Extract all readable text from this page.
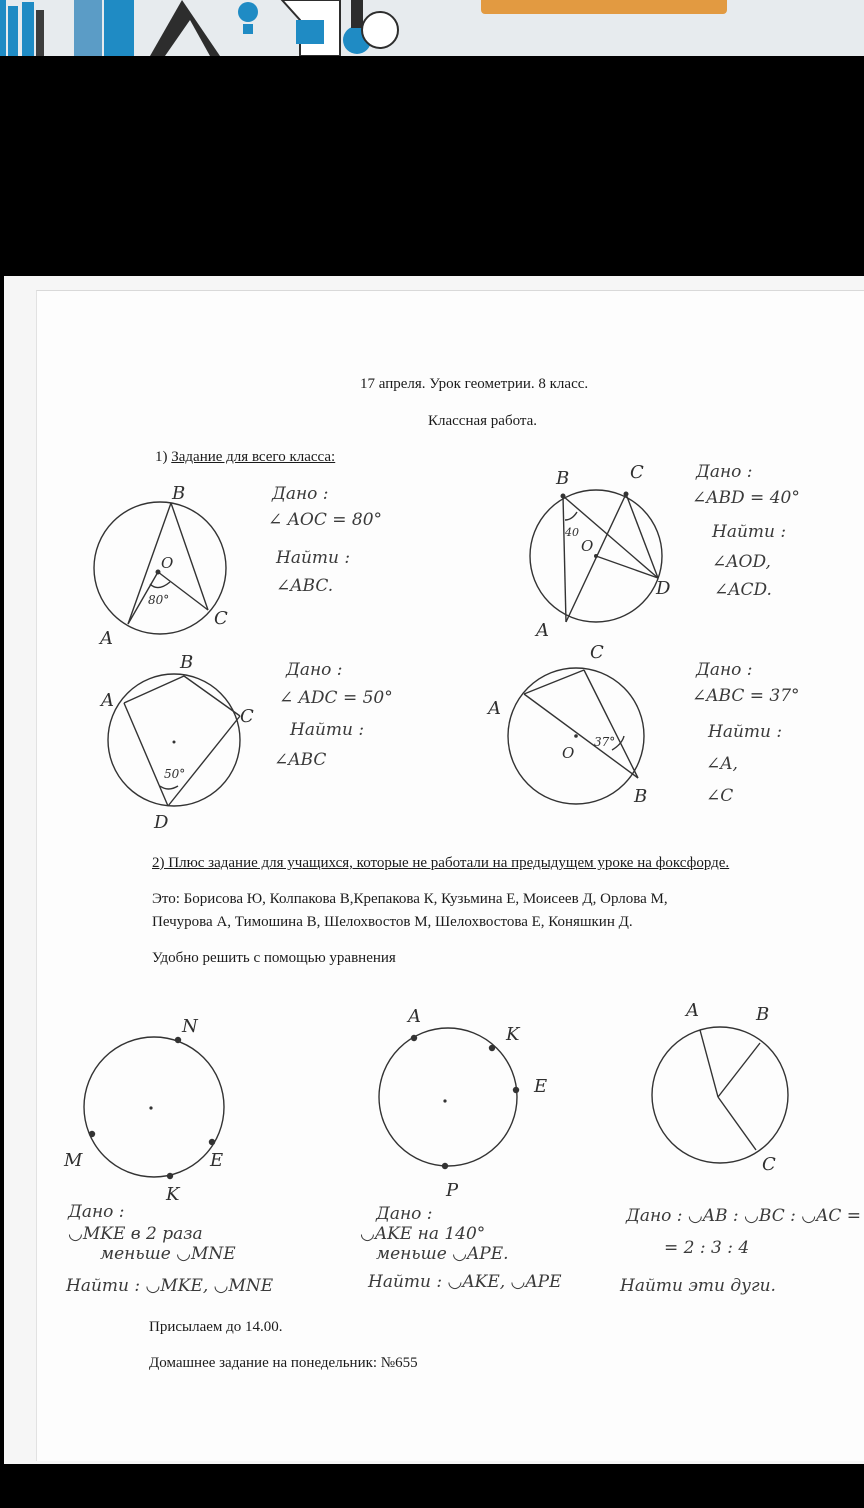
17 апреля. Урок геометрии. 8 класс.
Классная работа.
1) Задание для всего класса:
2) Плюс задание для учащихся, которые не работали на предыдущем уроке на фоксфорде.
Это: Борисова Ю, Колпакова В,Крепакова К, Кузьмина Е, Моисеев Д, Орлова М,
Печурова А, Тимошина В, Шелохвостов М, Шелохвостова Е, Коняшкин Д.
Удобно решить с помощью уравнения
Присылаем до 14.00.
Домашнее задание на понедельник: №655
Дано :
∠ AOC = 80°
Найти :
∠ABC.
Дано :
∠ABD = 40°
Найти :
∠AOD,
∠ACD.
Дано :
∠ ADC = 50°
Найти :
∠ABC
Дано :
∠ABC = 37°
Найти :
∠A,
∠C
Дано :
◡MKE в 2 раза
меньше ◡MNE
Найти : ◡MKE, ◡MNE
Дано :
◡AKE на 140°
меньше ◡APE.
Найти : ◡AKE, ◡APE
Дано : ◡AB : ◡BC : ◡AC =
= 2 : 3 : 4
Найти эти дуги.
B
O
A
C
80°
B	C
O
D
A
40
B
A
C
D
50°
C
A
O
B
37°
N
M	E
K
A
K
E
P
A	B
C
